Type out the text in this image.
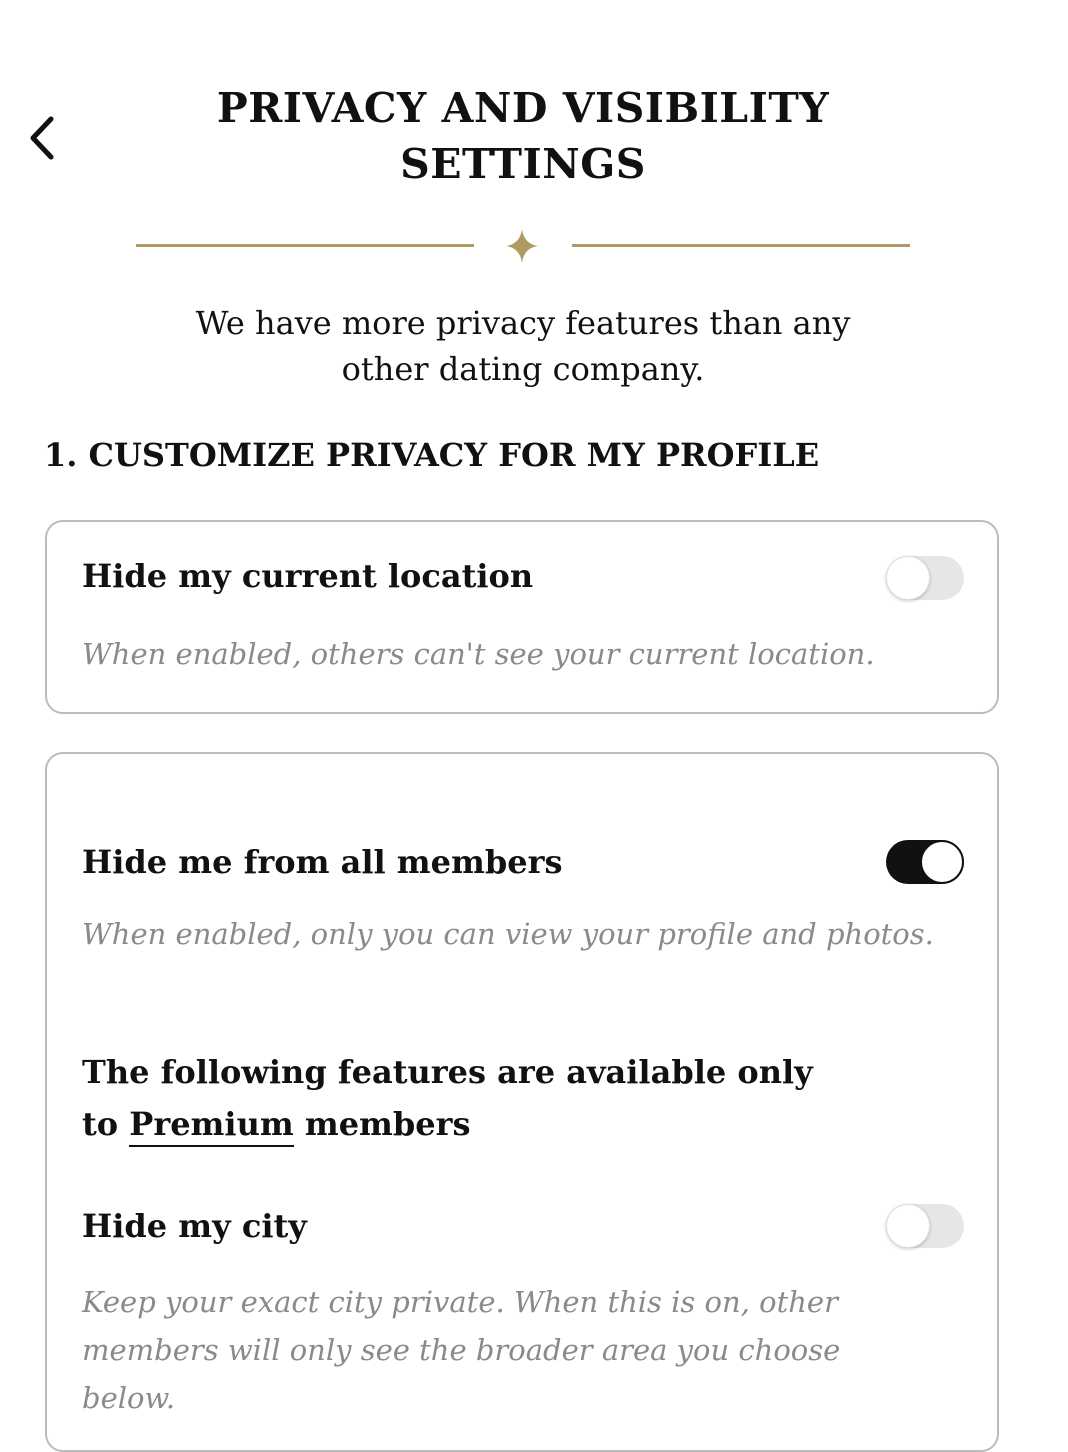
PRIVACY AND VISIBILITY SETTINGS

We have more privacy features than any other dating company.

1. CUSTOMIZE PRIVACY FOR MY PROFILE
Hide my current location
When enabled, others can't see your current location.
Hide me from all members
When enabled, only you can view your profile and photos.

The following features are available only to Premium members

Hide my city
Keep your exact city private. When this is on, other members will only see the broader area you choose below.
